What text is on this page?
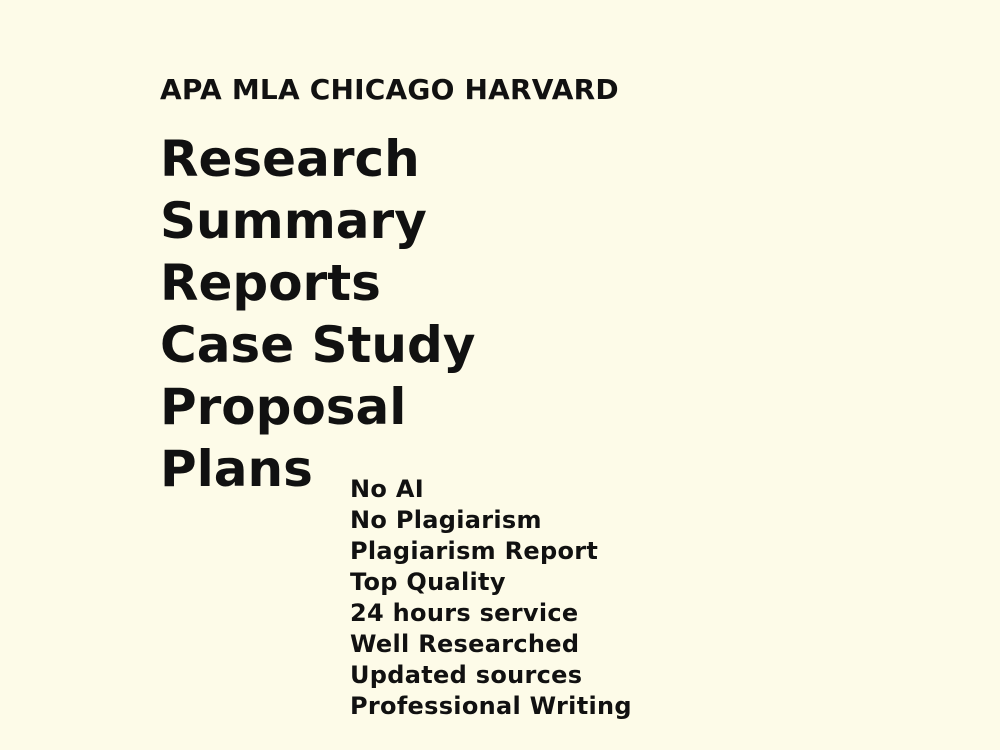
APA MLA CHICAGO HARVARD
Research
Summary
Reports
Case Study
Proposal
Plans	No AI
No Plagiarism
Plagiarism Report
Top Quality
24 hours service
Well Researched
Updated sources
Professional Writing
